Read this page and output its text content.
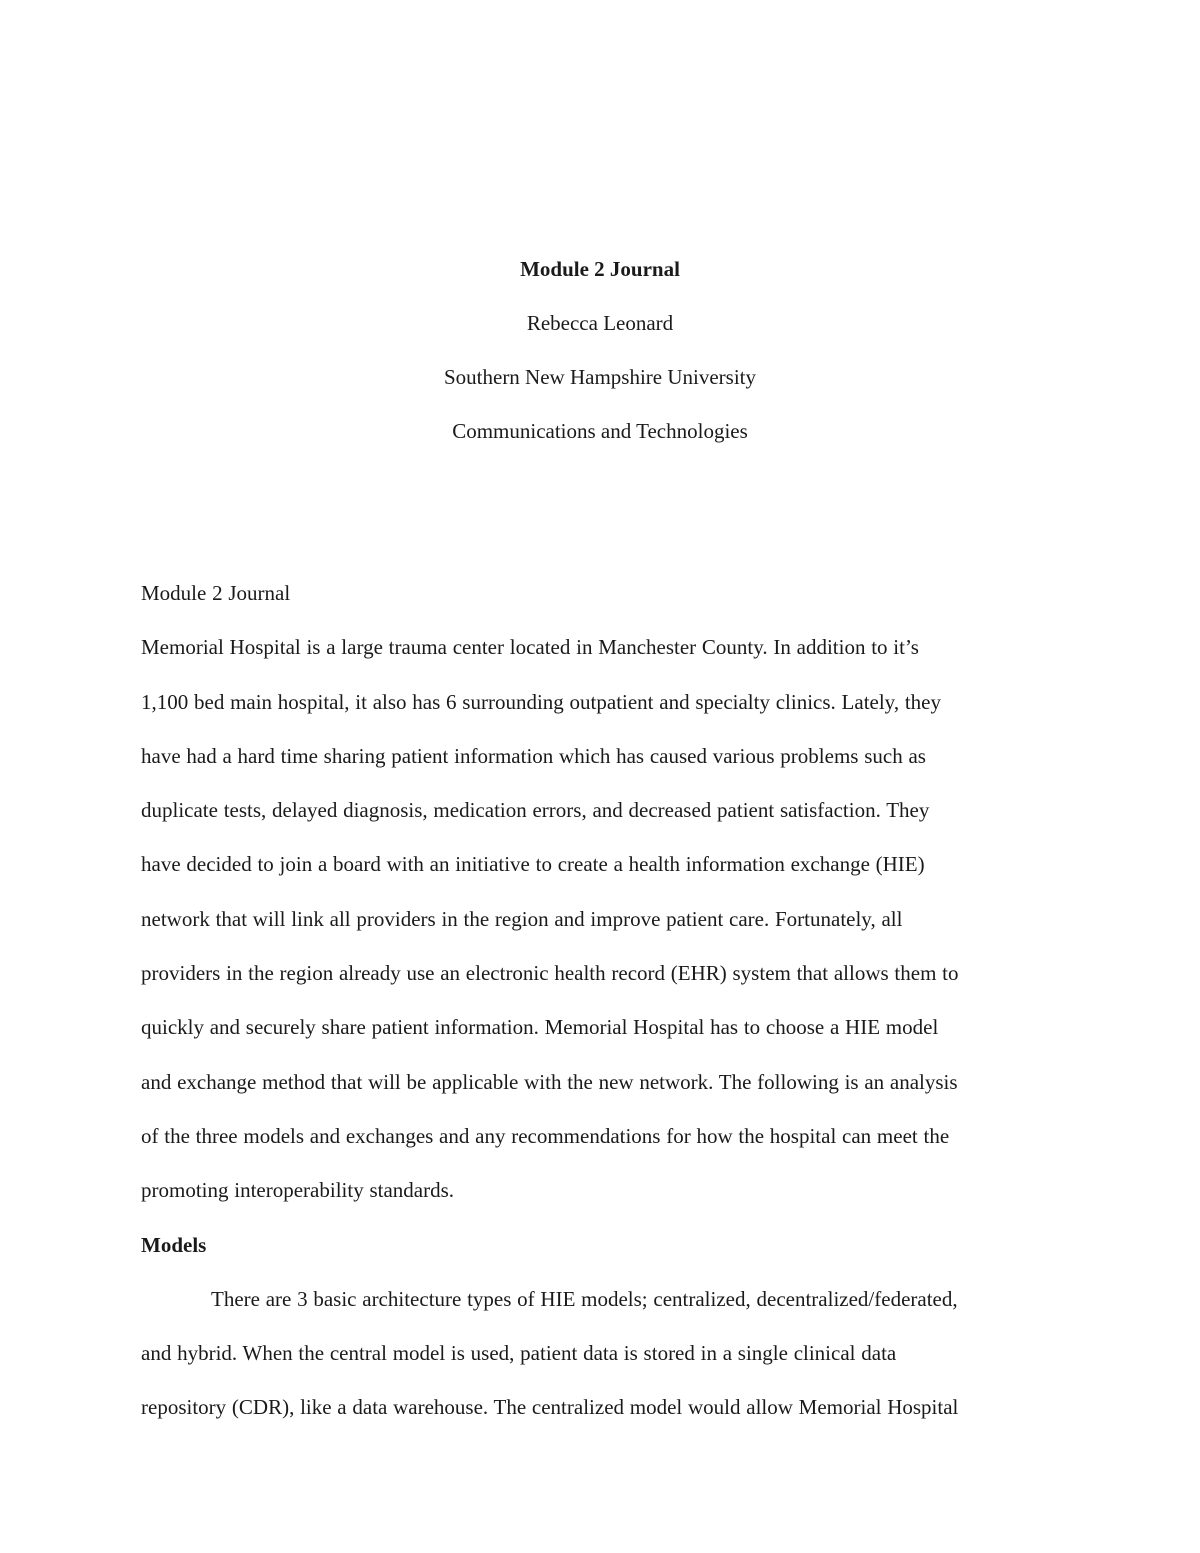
Module 2 Journal

Rebecca Leonard

Southern New Hampshire University

Communications and Technologies

Module 2 Journal

Memorial Hospital is a large trauma center located in Manchester County. In addition to it’s

1,100 bed main hospital, it also has 6 surrounding outpatient and specialty clinics. Lately, they

have had a hard time sharing patient information which has caused various problems such as

duplicate tests, delayed diagnosis, medication errors, and decreased patient satisfaction. They

have decided to join a board with an initiative to create a health information exchange (HIE)

network that will link all providers in the region and improve patient care. Fortunately, all

providers in the region already use an electronic health record (EHR) system that allows them to

quickly and securely share patient information. Memorial Hospital has to choose a HIE model

and exchange method that will be applicable with the new network. The following is an analysis

of the three models and exchanges and any recommendations for how the hospital can meet the

promoting interoperability standards.

Models

There are 3 basic architecture types of HIE models; centralized, decentralized/federated,

and hybrid. When the central model is used, patient data is stored in a single clinical data

repository (CDR), like a data warehouse. The centralized model would allow Memorial Hospital
